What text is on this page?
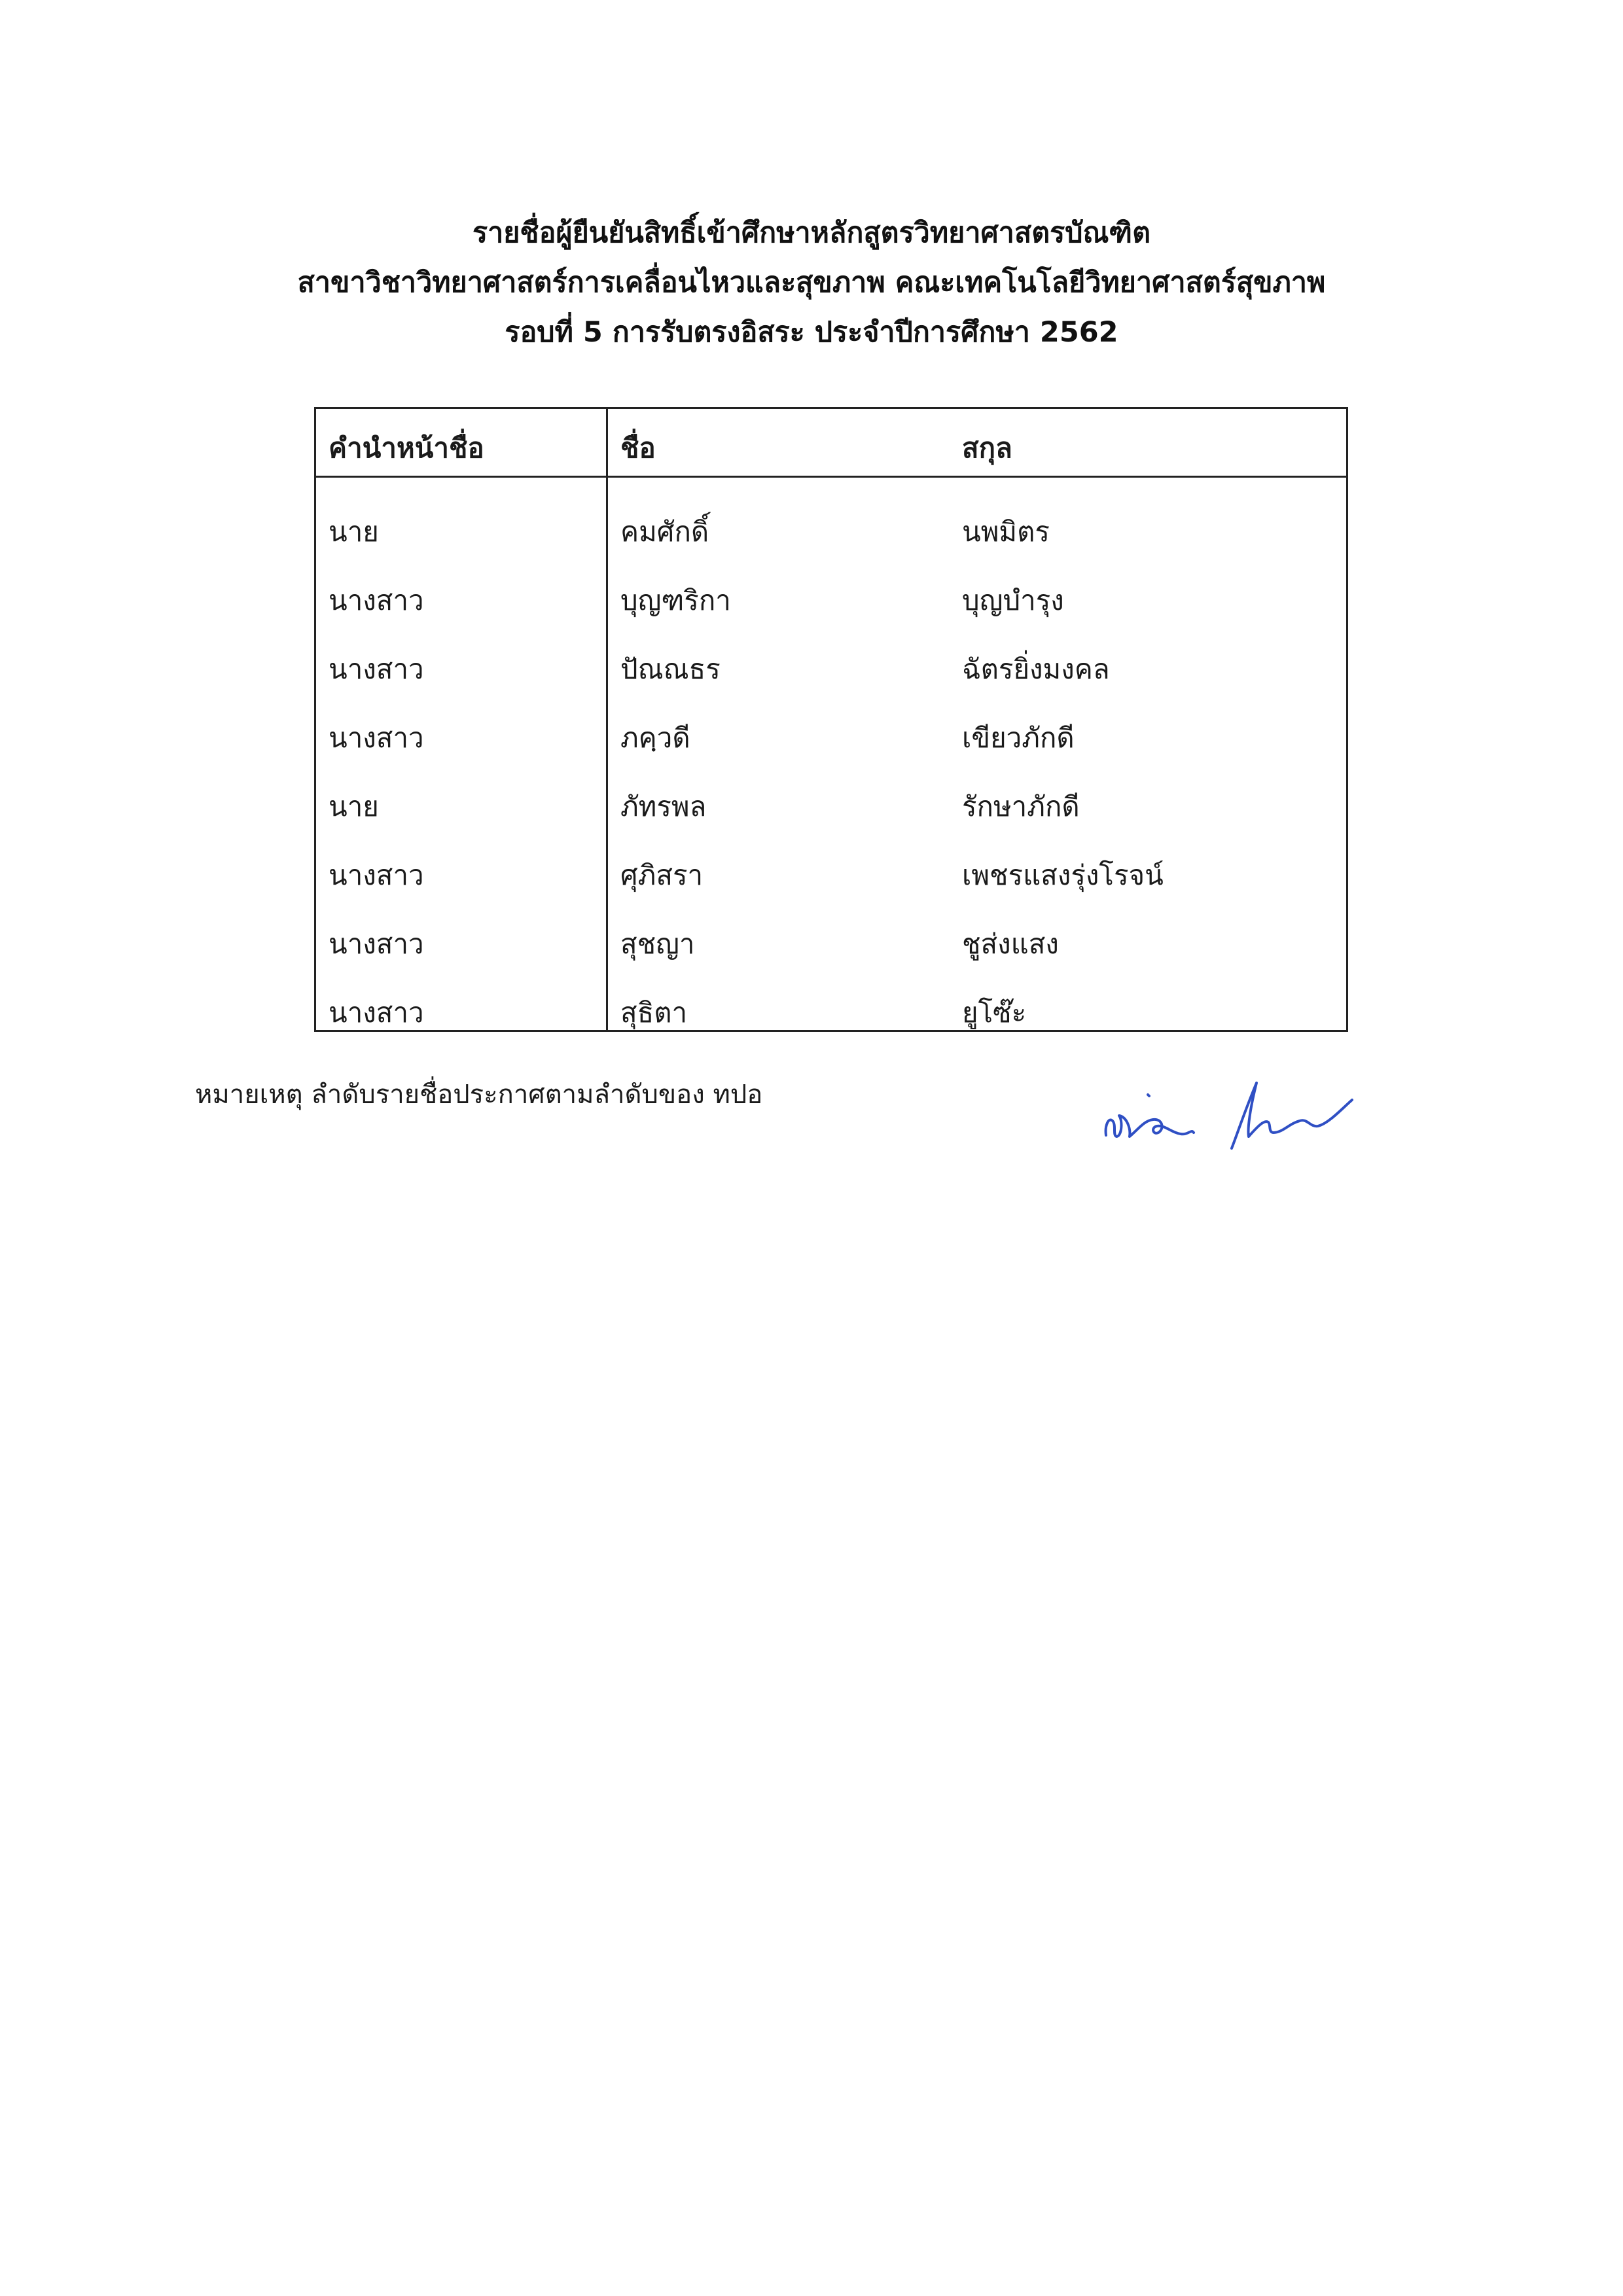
รายชื่อผู้ยืนยันสิทธิ์เข้าศึกษาหลักสูตรวิทยาศาสตรบัณฑิต
สาขาวิชาวิทยาศาสตร์การเคลื่อนไหวและสุขภาพ คณะเทคโนโลยีวิทยาศาสตร์สุขภาพ
รอบที่ 5 การรับตรงอิสระ ประจำปีการศึกษา 2562
คำนำหน้าชื่อ	ชื่อ	สกุล
นาย	คมศักดิ์	นพมิตร
นางสาว	บุญฑริกา	บุญบำรุง
นางสาว	ปัณณธร	ฉัตรยิ่งมงคล
นางสาว	ภคฺวดี	เขียวภักดี
นาย	ภัทรพล	รักษาภักดี
นางสาว	ศุภิสรา	เพชรแสงรุ่งโรจน์
นางสาว	สุชญา	ชูส่งแสง
นางสาว	สุธิตา	ยูโซ๊ะ
หมายเหตุ ลำดับรายชื่อประกาศตามลำดับของ ทปอ
